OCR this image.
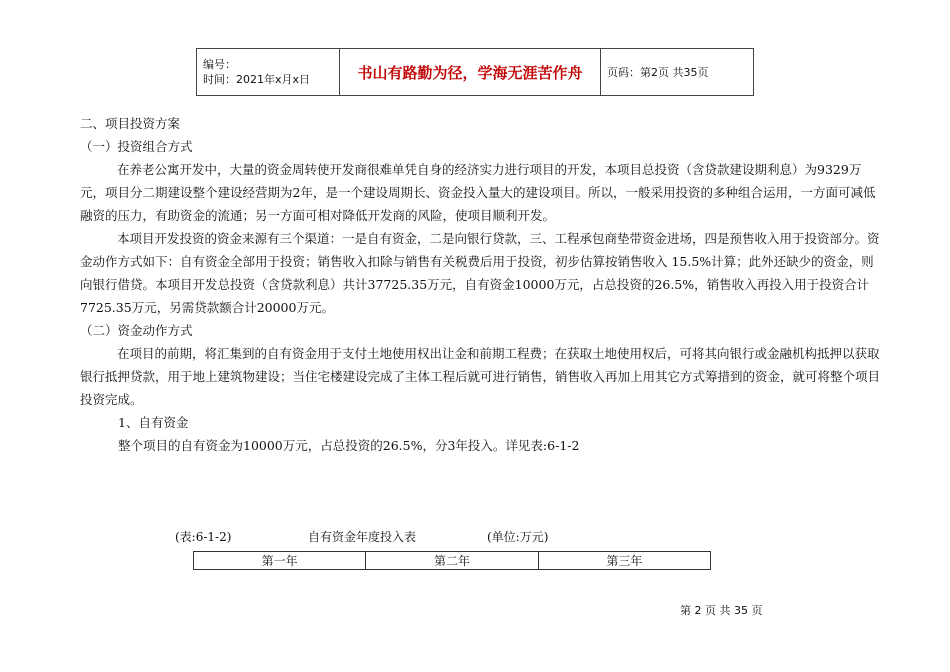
编号：
时间：2021年x月x日	书山有路勤为径，学海无涯苦作舟	页码：第2页 共35页

二、项目投资方案

（一）投资组合方式

在养老公寓开发中，大量的资金周转使开发商很难单凭自身的经济实力进行项目的开发，本项目总投资（含贷款建设期利息）为9329万元，项目分二期建设整个建设经营期为2年，是一个建设周期长、资金投入量大的建设项目。所以，一般采用投资的多种组合运用，一方面可减低融资的压力，有助资金的流通；另一方面可相对降低开发商的风险，使项目顺利开发。

本项目开发投资的资金来源有三个渠道：一是自有资金，二是向银行贷款，三、工程承包商垫带资金进场，四是预售收入用于投资部分。资金动作方式如下：自有资金全部用于投资；销售收入扣除与销售有关税费后用于投资，初步估算按销售收入 15.5%计算；此外还缺少的资金，则向银行借贷。本项目开发总投资（含贷款利息）共计37725.35万元，自有资金10000万元，占总投资的26.5%，销售收入再投入用于投资合计7725.35万元，另需贷款额合计20000万元。

（二）资金动作方式

在项目的前期，将汇集到的自有资金用于支付土地使用权出让金和前期工程费；在获取土地使用权后，可将其向银行或金融机构抵押以获取银行抵押贷款，用于地上建筑物建设；当住宅楼建设完成了主体工程后就可进行销售，销售收入再加上用其它方式筹措到的资金，就可将整个项目投资完成。

1、自有资金

整个项目的自有资金为10000万元，占总投资的26.5%，分3年投入。详见表:6-1-2

(表:6-1-2)	自有资金年度投入表	(单位:万元)
第一年	第二年	第三年
第 2 页 共 35 页
